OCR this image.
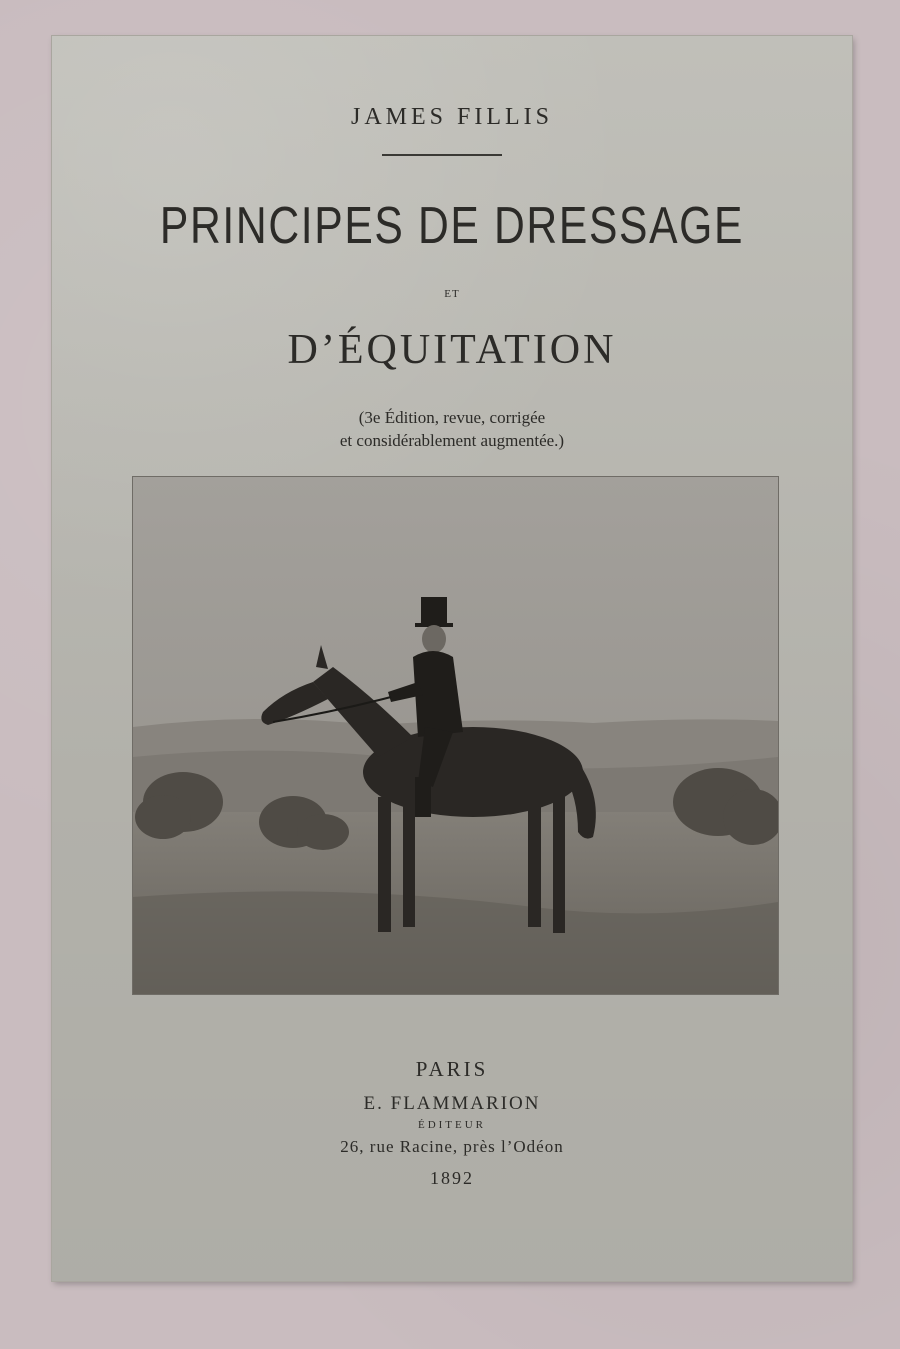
JAMES FILLIS
PRINCIPES DE DRESSAGE
ET
D’ÉQUITATION
(3e Édition, revue, corrigée
et considérablement augmentée.)
PARIS
E. FLAMMARION
ÉDITEUR
26, rue Racine, près l’Odéon
1892
